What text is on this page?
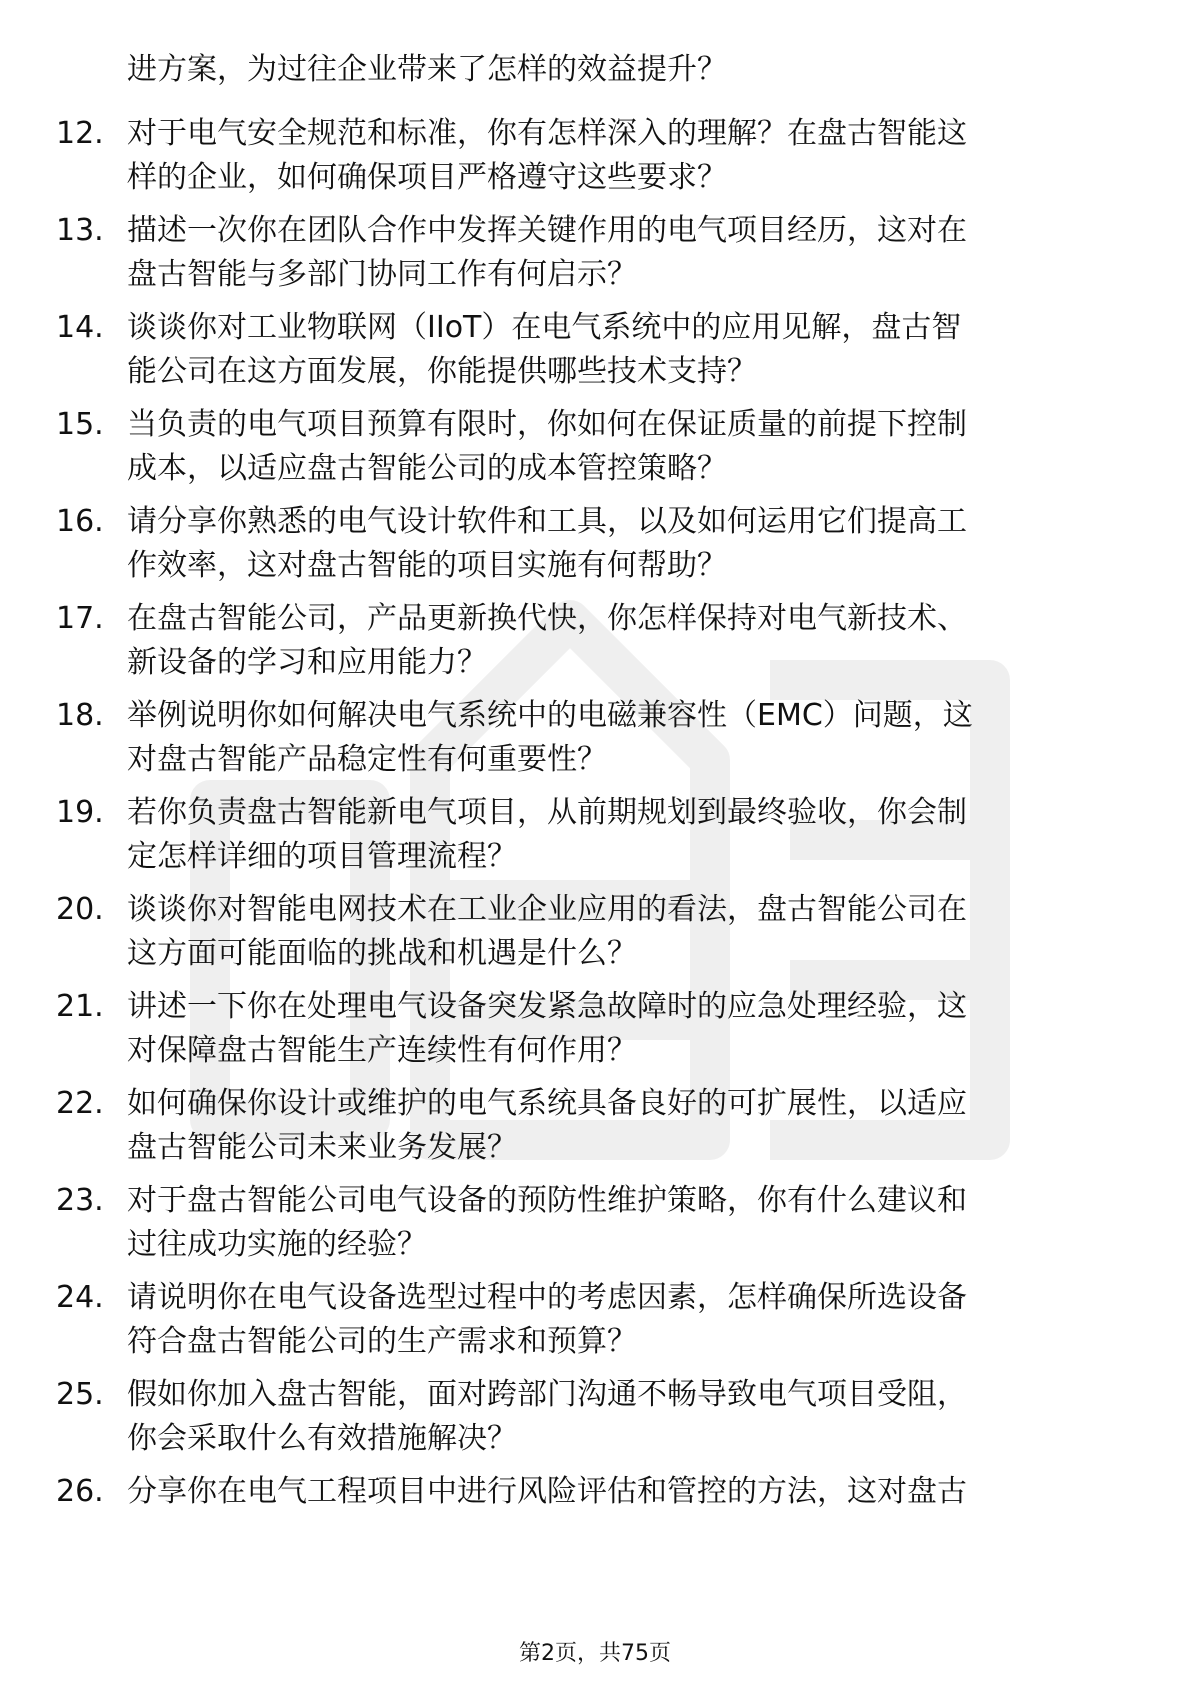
进方案，为过往企业带来了怎样的效益提升？
12. 对于电气安全规范和标准，你有怎样深入的理解？在盘古智能这
样的企业，如何确保项目严格遵守这些要求？
13. 描述一次你在团队合作中发挥关键作用的电气项目经历，这对在
盘古智能与多部门协同工作有何启示？
14. 谈谈你对工业物联网（IIoT）在电气系统中的应用见解，盘古智
能公司在这方面发展，你能提供哪些技术支持？
15. 当负责的电气项目预算有限时，你如何在保证质量的前提下控制
成本，以适应盘古智能公司的成本管控策略？
16. 请分享你熟悉的电气设计软件和工具，以及如何运用它们提高工
作效率，这对盘古智能的项目实施有何帮助？
17. 在盘古智能公司，产品更新换代快，你怎样保持对电气新技术、
新设备的学习和应用能力？
18. 举例说明你如何解决电气系统中的电磁兼容性（EMC）问题，这
对盘古智能产品稳定性有何重要性？
19. 若你负责盘古智能新电气项目，从前期规划到最终验收，你会制
定怎样详细的项目管理流程？
20. 谈谈你对智能电网技术在工业企业应用的看法，盘古智能公司在
这方面可能面临的挑战和机遇是什么？
21. 讲述一下你在处理电气设备突发紧急故障时的应急处理经验，这
对保障盘古智能生产连续性有何作用？
22. 如何确保你设计或维护的电气系统具备良好的可扩展性，以适应
盘古智能公司未来业务发展？
23. 对于盘古智能公司电气设备的预防性维护策略，你有什么建议和
过往成功实施的经验？
24. 请说明你在电气设备选型过程中的考虑因素，怎样确保所选设备
符合盘古智能公司的生产需求和预算？
25. 假如你加入盘古智能，面对跨部门沟通不畅导致电气项目受阻，
你会采取什么有效措施解决？
26. 分享你在电气工程项目中进行风险评估和管控的方法，这对盘古
第2页，共75页
